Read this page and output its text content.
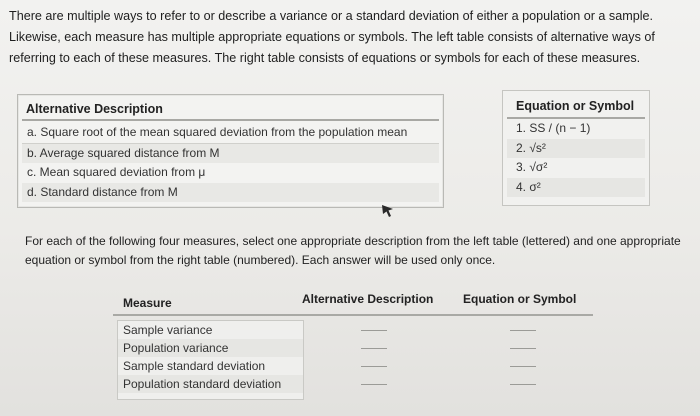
There are multiple ways to refer to or describe a variance or a standard deviation of either a population or a sample. Likewise, each measure has multiple appropriate equations or symbols. The left table consists of alternative ways of referring to each of these measures. The right table consists of equations or symbols for each of these measures.
Alternative Description
a. Square root of the mean squared deviation from the population mean
b. Average squared distance from M
c. Mean squared deviation from μ
d. Standard distance from M
Equation or Symbol
1. SS / (n − 1)
2. √s²
3. √σ²
4. σ²
For each of the following four measures, select one appropriate description from the left table (lettered) and one appropriate equation or symbol from the right table (numbered). Each answer will be used only once.
Measure	Alternative Description Equation or Symbol
Sample variance
Population variance
Sample standard deviation
Population standard deviation
